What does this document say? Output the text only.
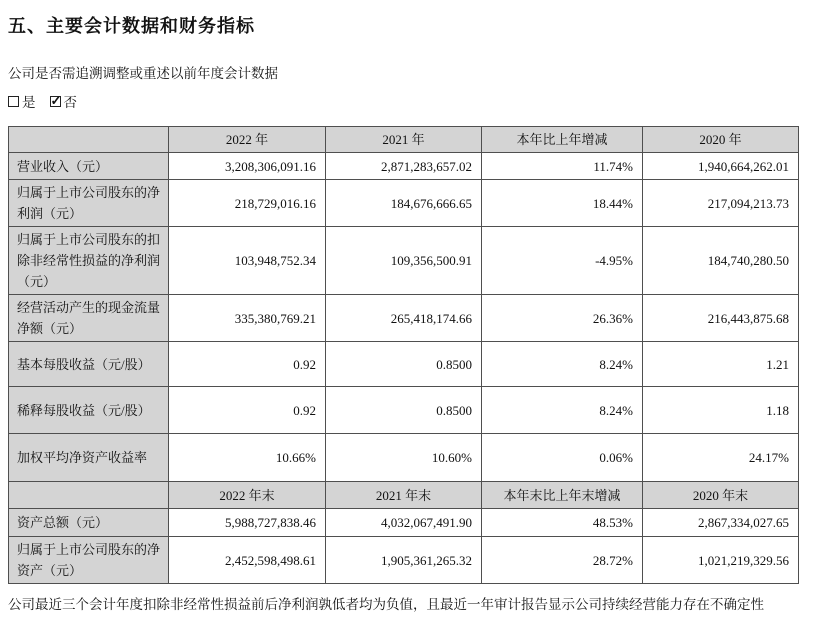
五、主要会计数据和财务指标
公司是否需追溯调整或重述以前年度会计数据
是 ✓ 否
	2022 年	2021 年	本年比上年增减	2020 年
营业收入（元）	3,208,306,091.16	2,871,283,657.02	11.74%	1,940,664,262.01
归属于上市公司股东的净利润（元）	218,729,016.16	184,676,666.65	18.44%	217,094,213.73
归属于上市公司股东的扣除非经常性损益的净利润（元）	103,948,752.34	109,356,500.91	-4.95%	184,740,280.50
经营活动产生的现金流量净额（元）	335,380,769.21	265,418,174.66	26.36%	216,443,875.68
基本每股收益（元/股）	0.92	0.8500	8.24%	1.21
稀释每股收益（元/股）	0.92	0.8500	8.24%	1.18
加权平均净资产收益率	10.66%	10.60%	0.06%	24.17%
	2022 年末	2021 年末	本年末比上年末增减	2020 年末
资产总额（元）	5,988,727,838.46	4,032,067,491.90	48.53%	2,867,334,027.65
归属于上市公司股东的净资产（元）	2,452,598,498.61	1,905,361,265.32	28.72%	1,021,219,329.56
公司最近三个会计年度扣除非经常性损益前后净利润孰低者均为负值，且最近一年审计报告显示公司持续经营能力存在不确定性
